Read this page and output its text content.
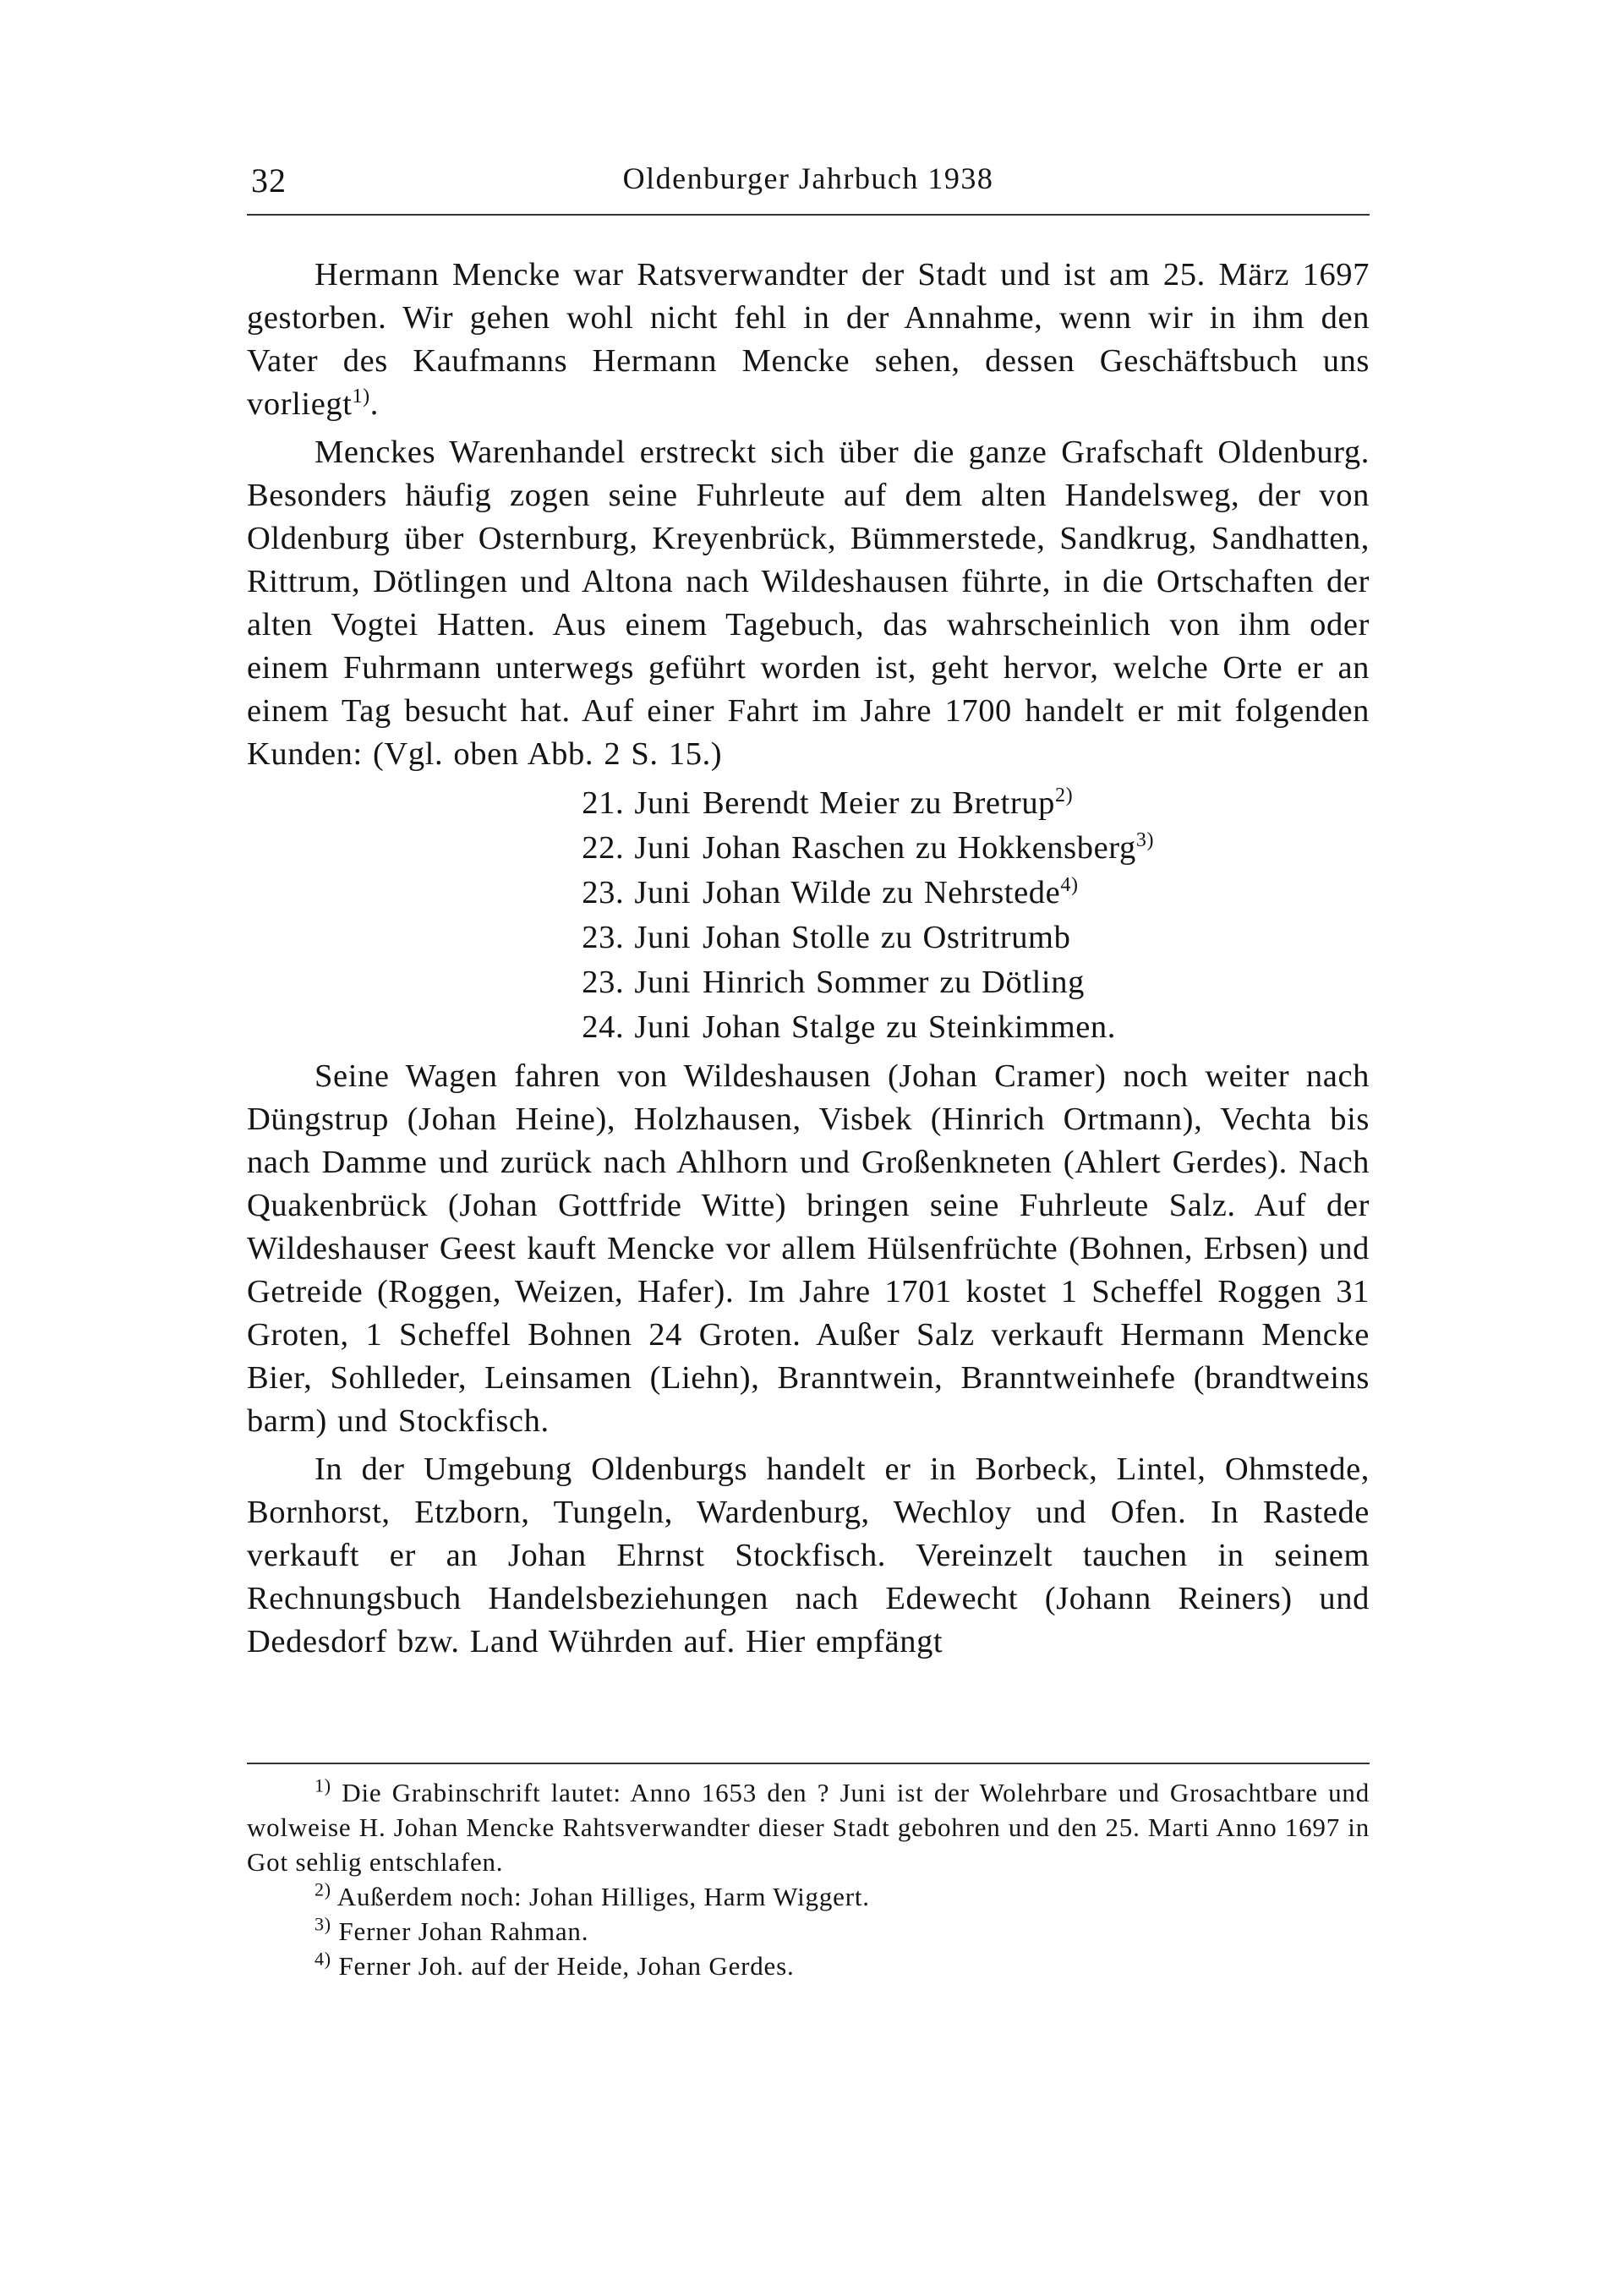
32	Oldenburger Jahrbuch 1938

Hermann Mencke war Ratsverwandter der Stadt und ist am 25. März 1697 gestorben. Wir gehen wohl nicht fehl in der Annahme, wenn wir in ihm den Vater des Kaufmanns Hermann Mencke sehen, dessen Geschäftsbuch uns vorliegt$^{1)}$.

Menckes Warenhandel erstreckt sich über die ganze Grafschaft Oldenburg. Besonders häufig zogen seine Fuhrleute auf dem alten Handelsweg, der von Oldenburg über Osternburg, Kreyenbrück, Bümmerstede, Sandkrug, Sandhatten, Rittrum, Dötlingen und Altona nach Wildeshausen führte, in die Ortschaften der alten Vogtei Hatten. Aus einem Tagebuch, das wahrscheinlich von ihm oder einem Fuhrmann unterwegs geführt worden ist, geht hervor, welche Orte er an einem Tag besucht hat. Auf einer Fahrt im Jahre 1700 handelt er mit folgenden Kunden: (Vgl. oben Abb. 2 S. 15.)

21. Juni Berendt Meier zu Bretrup$^{2)}$
22. Juni Johan Raschen zu Hokkensberg$^{3)}$
23. Juni Johan Wilde zu Nehrstede$^{4)}$
23. Juni Johan Stolle zu Ostritrumb
23. Juni Hinrich Sommer zu Dötling
24. Juni Johan Stalge zu Steinkimmen.

Seine Wagen fahren von Wildeshausen (Johan Cramer) noch weiter nach Düngstrup (Johan Heine), Holzhausen, Visbek (Hinrich Ortmann), Vechta bis nach Damme und zurück nach Ahlhorn und Großenkneten (Ahlert Gerdes). Nach Quakenbrück (Johan Gottfride Witte) bringen seine Fuhrleute Salz. Auf der Wildeshauser Geest kauft Mencke vor allem Hülsenfrüchte (Bohnen, Erbsen) und Getreide (Roggen, Weizen, Hafer). Im Jahre 1701 kostet 1 Scheffel Roggen 31 Groten, 1 Scheffel Bohnen 24 Groten. Außer Salz verkauft Hermann Mencke Bier, Sohlleder, Leinsamen (Liehn), Branntwein, Branntweinhefe (brandtweins barm) und Stockfisch.

In der Umgebung Oldenburgs handelt er in Borbeck, Lintel, Ohmstede, Bornhorst, Etzborn, Tungeln, Wardenburg, Wechloy und Ofen. In Rastede verkauft er an Johan Ehrnst Stockfisch. Vereinzelt tauchen in seinem Rechnungsbuch Handelsbeziehungen nach Edewecht (Johann Reiners) und Dedesdorf bzw. Land Wührden auf. Hier empfängt

$^{1)}$ Die Grabinschrift lautet: Anno 1653 den ? Juni ist der Wolehrbare und Grosachtbare und wolweise H. Johan Mencke Rahtsverwandter dieser Stadt gebohren und den 25. Marti Anno 1697 in Got sehlig entschlafen.

$^{2)}$ Außerdem noch: Johan Hilliges, Harm Wiggert.

$^{3)}$ Ferner Johan Rahman.

$^{4)}$ Ferner Joh. auf der Heide, Johan Gerdes.
